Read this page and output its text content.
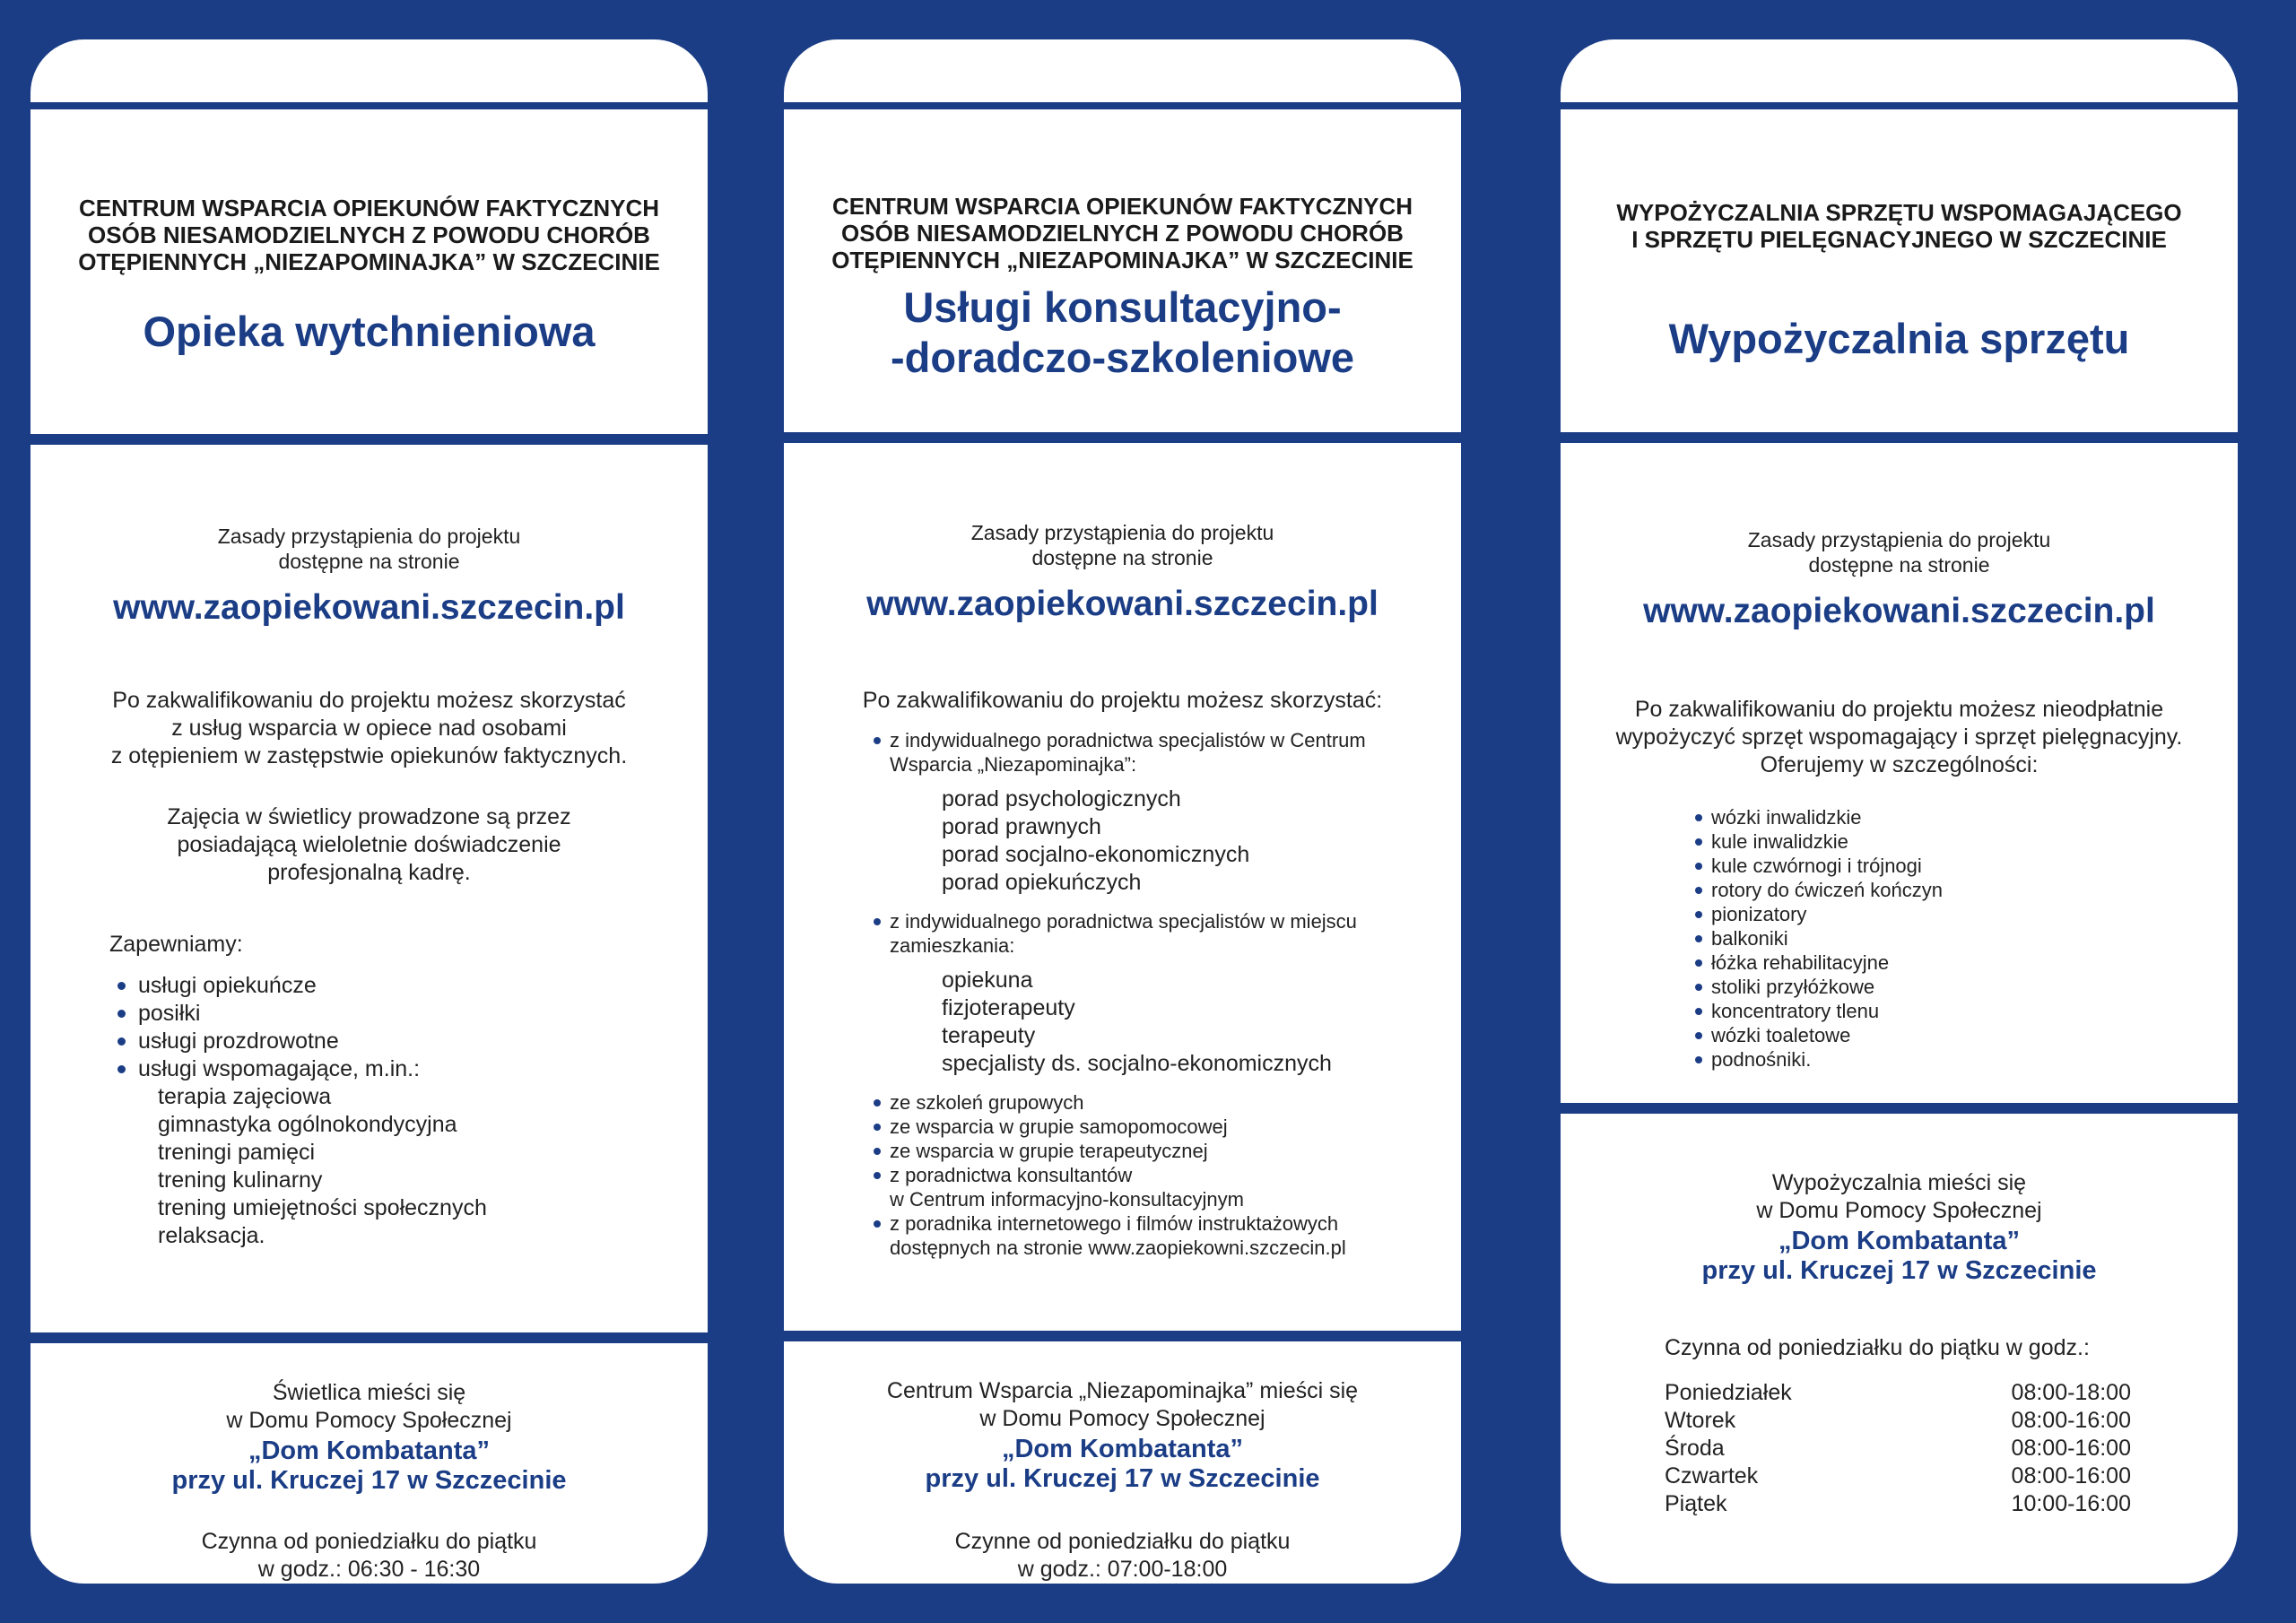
CENTRUM WSPARCIA OPIEKUNÓW FAKTYCZNYCH
OSÓB NIESAMODZIELNYCH Z POWODU CHORÓB
OTĘPIENNYCH „NIEZAPOMINAJKA” W SZCZECINIE
Opieka wytchnieniowa
Zasady przystąpienia do projektu
dostępne na stronie
www.zaopiekowani.szczecin.pl
Po zakwalifikowaniu do projektu możesz skorzystać
z usług wsparcia w opiece nad osobami
z otępieniem w zastępstwie opiekunów faktycznych.
Zajęcia w świetlicy prowadzone są przez
posiadającą wieloletnie doświadczenie
profesjonalną kadrę.
Zapewniamy:
usługi opiekuńcze
posiłki
usługi prozdrowotne
usługi wspomagające, m.in.:
terapia zajęciowa
gimnastyka ogólnokondycyjna
treningi pamięci
trening kulinarny
trening umiejętności społecznych
relaksacja.
Świetlica mieści się
w Domu Pomocy Społecznej
„Dom Kombatanta”
przy ul. Kruczej 17 w Szczecinie
Czynna od poniedziałku do piątku
w godz.: 06:30 - 16:30
CENTRUM WSPARCIA OPIEKUNÓW FAKTYCZNYCH
OSÓB NIESAMODZIELNYCH Z POWODU CHORÓB
OTĘPIENNYCH „NIEZAPOMINAJKA” W SZCZECINIE
Usługi konsultacyjno-
-doradczo-szkoleniowe
Zasady przystąpienia do projektu
dostępne na stronie
www.zaopiekowani.szczecin.pl
Po zakwalifikowaniu do projektu możesz skorzystać:
z indywidualnego poradnictwa specjalistów w Centrum
Wsparcia „Niezapominajka”:
porad psychologicznych
porad prawnych
porad socjalno-ekonomicznych
porad opiekuńczych
z indywidualnego poradnictwa specjalistów w miejscu
zamieszkania:
opiekuna
fizjoterapeuty
terapeuty
specjalisty ds. socjalno-ekonomicznych
ze szkoleń grupowych
ze wsparcia w grupie samopomocowej
ze wsparcia w grupie terapeutycznej
z poradnictwa konsultantów
w Centrum informacyjno-konsultacyjnym
z poradnika internetowego i filmów instruktażowych
dostępnych na stronie www.zaopiekowni.szczecin.pl
Centrum Wsparcia „Niezapominajka” mieści się
w Domu Pomocy Społecznej
„Dom Kombatanta”
przy ul. Kruczej 17 w Szczecinie
Czynne od poniedziałku do piątku
w godz.: 07:00-18:00
WYPOŻYCZALNIA SPRZĘTU WSPOMAGAJĄCEGO
I SPRZĘTU PIELĘGNACYJNEGO W SZCZECINIE
Wypożyczalnia sprzętu
Zasady przystąpienia do projektu
dostępne na stronie
www.zaopiekowani.szczecin.pl
Po zakwalifikowaniu do projektu możesz nieodpłatnie
wypożyczyć sprzęt wspomagający i sprzęt pielęgnacyjny.
Oferujemy w szczególności:
wózki inwalidzkie
kule inwalidzkie
kule czwórnogi i trójnogi
rotory do ćwiczeń kończyn
pionizatory
balkoniki
łóżka rehabilitacyjne
stoliki przyłóżkowe
koncentratory tlenu
wózki toaletowe
podnośniki.
Wypożyczalnia mieści się
w Domu Pomocy Społecznej
„Dom Kombatanta”
przy ul. Kruczej 17 w Szczecinie
Czynna od poniedziałku do piątku w godz.:
Poniedziałek	08:00-18:00
Wtorek	08:00-16:00
Środa	08:00-16:00
Czwartek	08:00-16:00
Piątek	10:00-16:00
